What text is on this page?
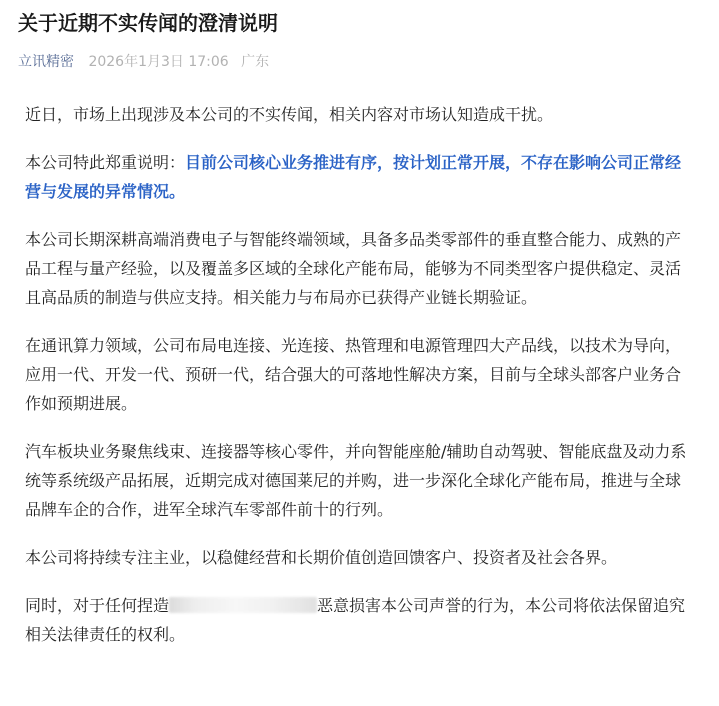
关于近期不实传闻的澄清说明
立讯精密 2026年1月3日 17:06 广东

近日，市场上出现涉及本公司的不实传闻，相关内容对市场认知造成干扰。

本公司特此郑重说明：目前公司核心业务推进有序，按计划正常开展，不存在影响公司正常经营与发展的异常情况。

本公司长期深耕高端消费电子与智能终端领域，具备多品类零部件的垂直整合能力、成熟的产品工程与量产经验，以及覆盖多区域的全球化产能布局，能够为不同类型客户提供稳定、灵活且高品质的制造与供应支持。相关能力与布局亦已获得产业链长期验证。

在通讯算力领域，公司布局电连接、光连接、热管理和电源管理四大产品线，以技术为导向，应用一代、开发一代、预研一代，结合强大的可落地性解决方案，目前与全球头部客户业务合作如预期进展。

汽车板块业务聚焦线束、连接器等核心零件，并向智能座舱/辅助自动驾驶、智能底盘及动力系统等系统级产品拓展，近期完成对德国莱尼的并购，进一步深化全球化产能布局，推进与全球品牌车企的合作，进军全球汽车零部件前十的行列。

本公司将持续专注主业，以稳健经营和长期价值创造回馈客户、投资者及社会各界。

同时，对于任何捏造	恶意损害本公司声誉的行为，本公司将依法保留追究相关法律责任的权利。
